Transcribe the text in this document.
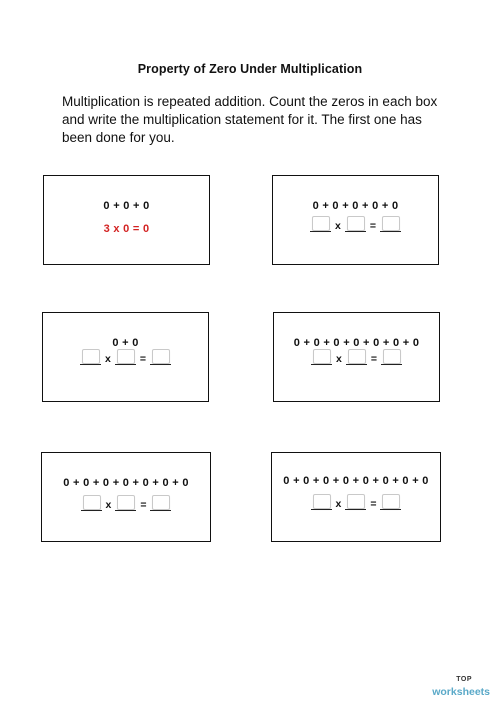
Property of Zero Under Multiplication
Multiplication is repeated addition. Count the zeros in each box and write the multiplication statement for it. The first one has been done for you.
0 + 0 + 0
3 x 0 = 0
0 + 0 + 0 + 0 + 0
x	=
0 + 0
x	=
0 + 0 + 0 + 0 + 0 + 0 + 0
x	=
0 + 0 + 0 + 0 + 0 + 0 + 0
x	=
0 + 0 + 0 + 0 + 0 + 0 + 0 + 0
x	=
TOP
worksheets
